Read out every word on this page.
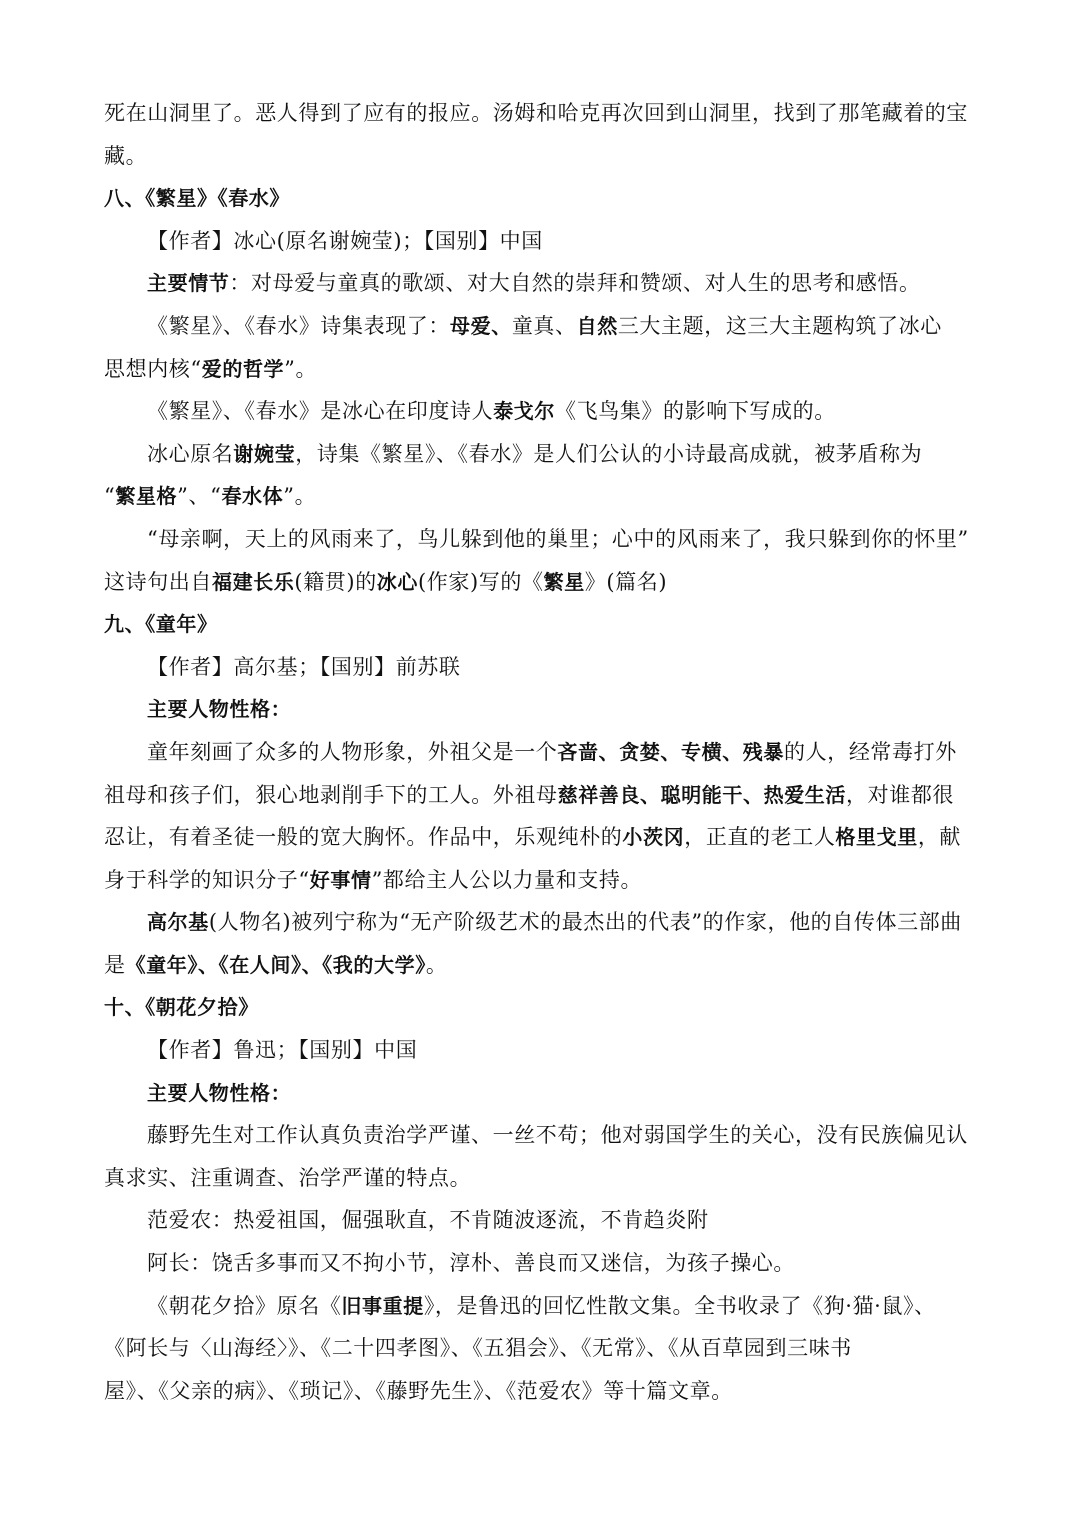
死在山洞里了。恶人得到了应有的报应。汤姆和哈克再次回到山洞里，找到了那笔藏着的宝
藏。
八、《繁星》《春水》
【作者】冰心(原名谢婉莹)；【国别】中国
主要情节：对母爱与童真的歌颂、对大自然的崇拜和赞颂、对人生的思考和感悟。
《繁星》、《春水》诗集表现了：母爱、童真、自然三大主题，这三大主题构筑了冰心
思想内核“爱的哲学”。
《繁星》、《春水》是冰心在印度诗人泰戈尔《飞鸟集》的影响下写成的。
冰心原名谢婉莹，诗集《繁星》、《春水》是人们公认的小诗最高成就，被茅盾称为
“繁星格”、“春水体”。
“母亲啊，天上的风雨来了，鸟儿躲到他的巢里；心中的风雨来了，我只躲到你的怀里”
这诗句出自福建长乐(籍贯)的冰心(作家)写的《繁星》(篇名)
九、《童年》
【作者】高尔基；【国别】前苏联
主要人物性格：
童年刻画了众多的人物形象，外祖父是一个吝啬、贪婪、专横、残暴的人，经常毒打外
祖母和孩子们，狠心地剥削手下的工人。外祖母慈祥善良、聪明能干、热爱生活，对谁都很
忍让，有着圣徒一般的宽大胸怀。作品中，乐观纯朴的小茨冈，正直的老工人格里戈里，献
身于科学的知识分子“好事情”都给主人公以力量和支持。
高尔基(人物名)被列宁称为“无产阶级艺术的最杰出的代表”的作家，他的自传体三部曲
是《童年》、《在人间》、《我的大学》。
十、《朝花夕拾》
【作者】鲁迅；【国别】中国
主要人物性格：
藤野先生对工作认真负责治学严谨、一丝不苟；他对弱国学生的关心，没有民族偏见认
真求实、注重调查、治学严谨的特点。
范爱农：热爱祖国，倔强耿直，不肯随波逐流，不肯趋炎附
阿长：饶舌多事而又不拘小节，淳朴、善良而又迷信，为孩子操心。
《朝花夕拾》原名《旧事重提》，是鲁迅的回忆性散文集。全书收录了《狗·猫·鼠》、
《阿长与〈山海经〉》、《二十四孝图》、《五猖会》、《无常》、《从百草园到三味书
屋》、《父亲的病》、《琐记》、《藤野先生》、《范爱农》等十篇文章。
